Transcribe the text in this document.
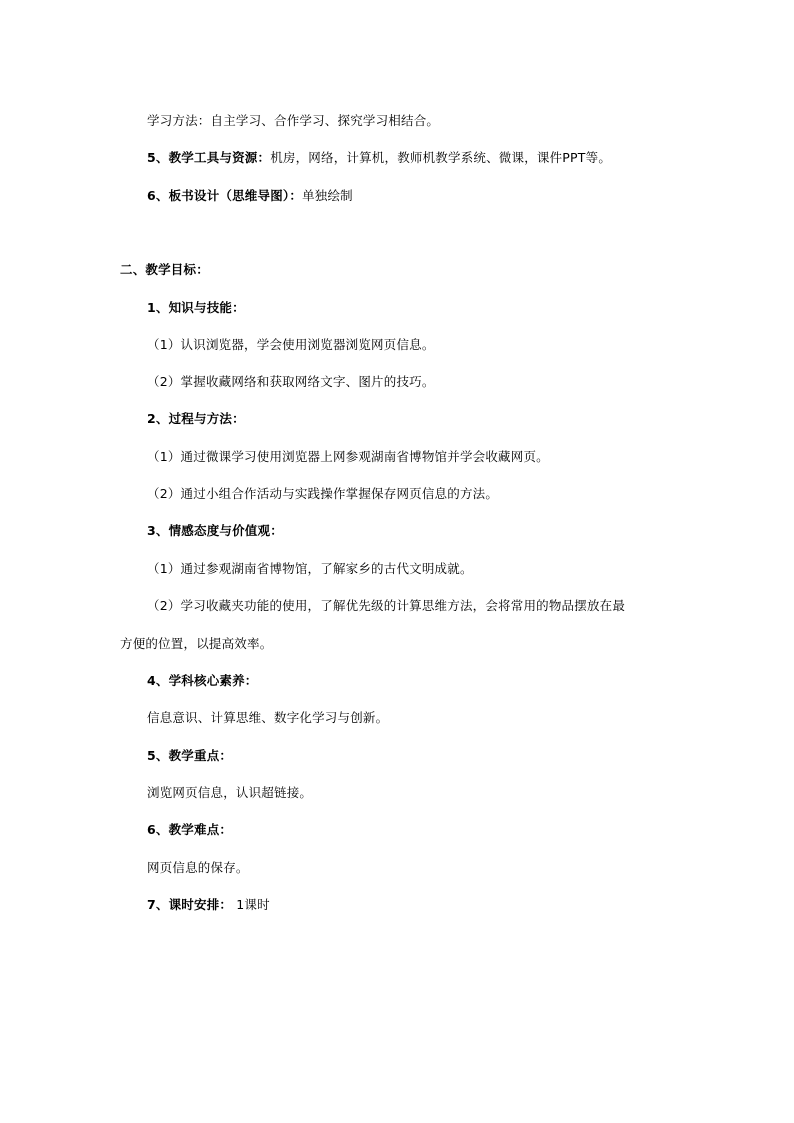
学习方法：自主学习、合作学习、探究学习相结合。
5、教学工具与资源：机房，网络，计算机，教师机教学系统、微课，课件PPT等。
6、板书设计（思维导图）：单独绘制
二、教学目标：
1、知识与技能：
（1）认识浏览器，学会使用浏览器浏览网页信息。
（2）掌握收藏网络和获取网络文字、图片的技巧。
2、过程与方法：
（1）通过微课学习使用浏览器上网参观湖南省博物馆并学会收藏网页。
（2）通过小组合作活动与实践操作掌握保存网页信息的方法。
3、情感态度与价值观：
（1）通过参观湖南省博物馆，了解家乡的古代文明成就。
（2）学习收藏夹功能的使用，了解优先级的计算思维方法，会将常用的物品摆放在最
方便的位置，以提高效率。
4、学科核心素养：
信息意识、计算思维、数字化学习与创新。
5、教学重点：
浏览网页信息，认识超链接。
6、教学难点：
网页信息的保存。
7、课时安排： 1课时
